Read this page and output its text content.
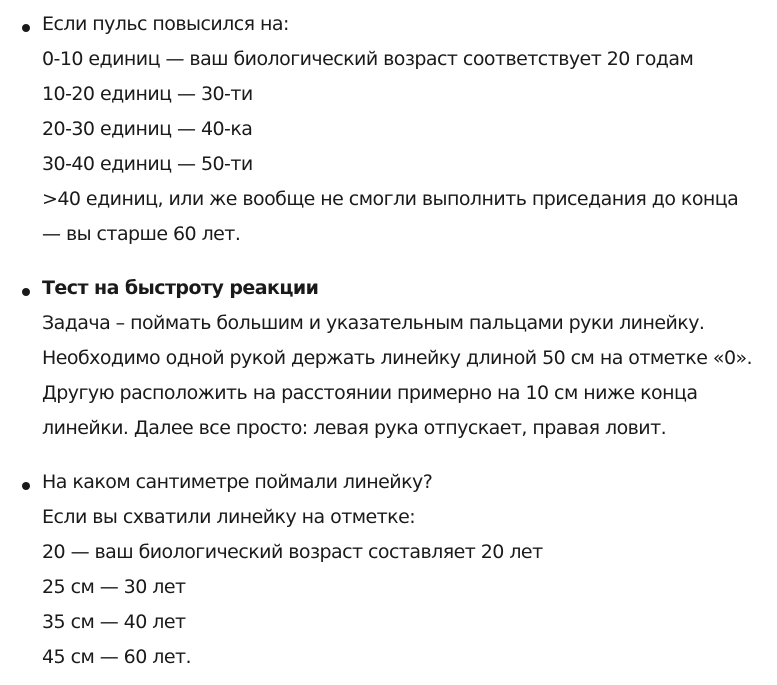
Если пульс повысился на:
0-10 единиц — ваш биологический возраст соответствует 20 годам
10-20 единиц — 30-ти
20-30 единиц — 40-ка
30-40 единиц — 50-ти
>40 единиц, или же вообще не смогли выполнить приседания до конца
— вы старше 60 лет.
Тест на быстроту реакции
Задача – поймать большим и указательным пальцами руки линейку.
Необходимо одной рукой держать линейку длиной 50 см на отметке «0».
Другую расположить на расстоянии примерно на 10 см ниже конца
линейки. Далее все просто: левая рука отпускает, правая ловит.
На каком сантиметре поймали линейку?
Если вы схватили линейку на отметке:
20 — ваш биологический возраст составляет 20 лет
25 см — 30 лет
35 см — 40 лет
45 см — 60 лет.
